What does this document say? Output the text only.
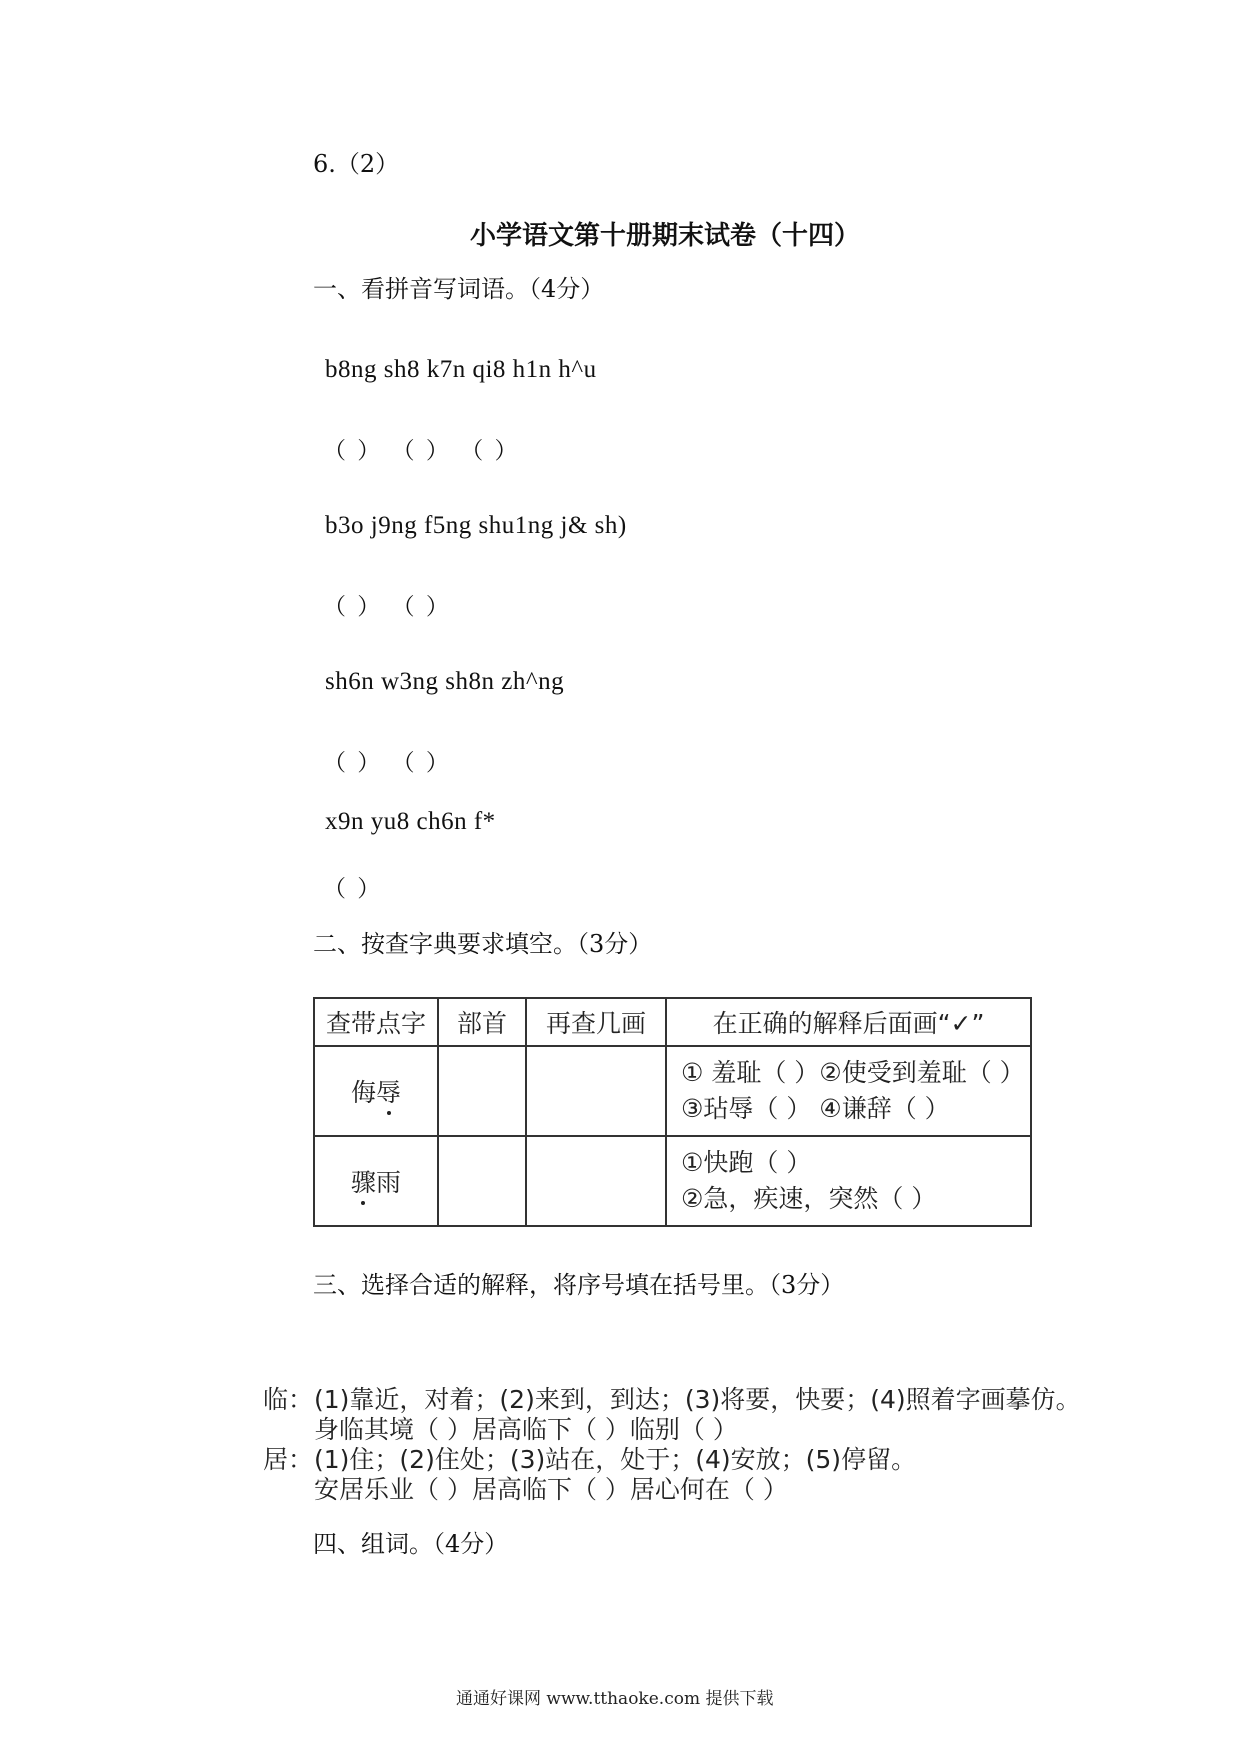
6.（2）
小学语文第十册期末试卷（十四）
一、看拼音写词语。（4分）
b8ng sh8 k7n qi8 h1n h^u
（ ） （ ） （ ）
b3o j9ng f5ng shu1ng j& sh)
（ ） （ ）
sh6n w3ng sh8n zh^ng
（ ） （ ）
x9n yu8 ch6n f*
（ ）
二、按查字典要求填空。（3分）
查带点字	部首	再查几画	在正确的解释后面画“✓”
侮辱			① 羞耻（ ）②使受到羞耻（ ）
③玷辱（ ） ④谦辞（ ）

骤雨			①快跑（ ）
②急，疾速，突然（ ）
三、选择合适的解释，将序号填在括号里。（3分）
临： (1)靠近，对着；(2)来到，到达；(3)将要，快要；(4)照着字画摹仿。
身临其境（ ）居高临下（ ）临别（ ）
居： (1)住；(2)住处；(3)站在，处于；(4)安放；(5)停留。
安居乐业（ ）居高临下（ ）居心何在（ ）
四、组词。（4分）
通通好课网 www.tthaoke.com 提供下载
